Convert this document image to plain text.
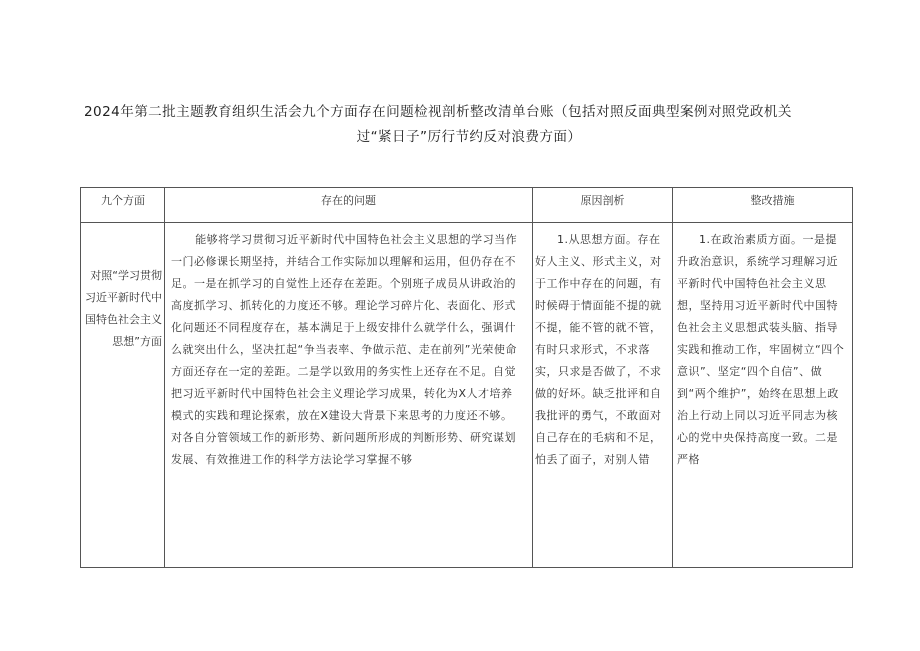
2024年第二批主题教育组织生活会九个方面存在问题检视剖析整改清单台账（包括对照反面典型案例对照党政机关
过“紧日子”厉行节约反对浪费方面）
九个方面	存在的问题	原因剖析	整改措施
对照“学习贯彻习近平新时代中国特色社会主义思想”方面	能够将学习贯彻习近平新时代中国特色社会主义思想的学习当作一门必修课长期坚持，并结合工作实际加以理解和运用，但仍存在不足。一是在抓学习的自觉性上还存在差距。个别班子成员从讲政治的高度抓学习、抓转化的力度还不够。理论学习碎片化、表面化、形式化问题还不同程度存在，基本满足于上级安排什么就学什么，强调什么就突出什么，坚决扛起“争当表率、争做示范、走在前列”光荣使命方面还存在一定的差距。二是学以致用的务实性上还存在不足。自觉把习近平新时代中国特色社会主义理论学习成果，转化为X人才培养模式的实践和理论探索，放在X建设大背景下来思考的力度还不够。对各自分管领域工作的新形势、新问题所形成的判断形势、研究谋划发展、有效推进工作的科学方法论学习掌握不够	1.从思想方面。存在好人主义、形式主义，对于工作中存在的问题，有时候碍于情面能不提的就不提，能不管的就不管，有时只求形式，不求落实，只求是否做了，不求做的好坏。缺乏批评和自我批评的勇气，不敢面对自己存在的毛病和不足，怕丢了面子，对别人错	1.在政治素质方面。一是提升政治意识，系统学习理解习近平新时代中国特色社会主义思想，坚持用习近平新时代中国特色社会主义思想武装头脑、指导实践和推动工作，牢固树立“四个意识”、坚定“四个自信”、做到“两个维护”，始终在思想上政治上行动上同以习近平同志为核心的党中央保持高度一致。二是严格
